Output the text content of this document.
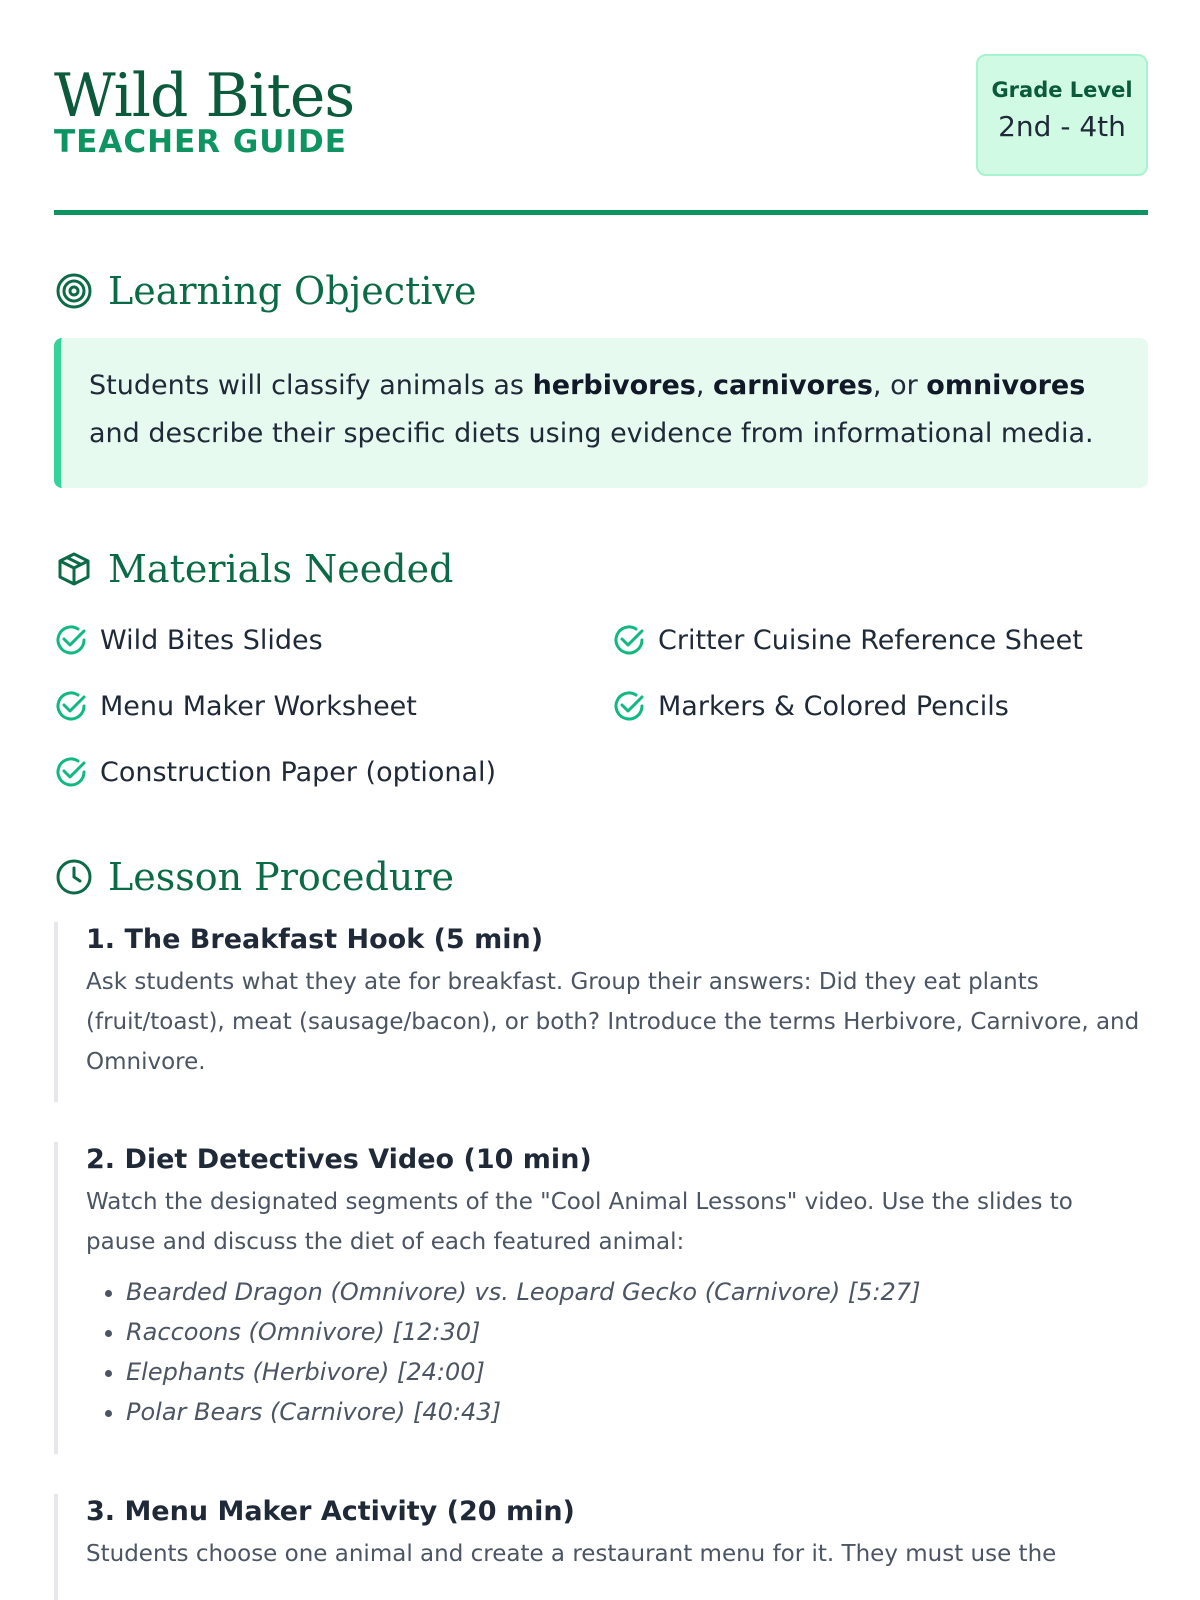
Wild Bites
TEACHER GUIDE
Grade Level
2nd - 4th
Learning Objective
Students will classify animals as herbivores, carnivores, or omnivores and describe their specific diets using evidence from informational media.
Materials Needed
Wild Bites Slides	Critter Cuisine Reference Sheet
Menu Maker Worksheet	Markers & Colored Pencils
Construction Paper (optional)
Lesson Procedure
1. The Breakfast Hook (5 min)
Ask students what they ate for breakfast. Group their answers: Did they eat plants (fruit/toast), meat (sausage/bacon), or both? Introduce the terms Herbivore, Carnivore, and Omnivore.
2. Diet Detectives Video (10 min)
Watch the designated segments of the "Cool Animal Lessons" video. Use the slides to pause and discuss the diet of each featured animal:
• Bearded Dragon (Omnivore) vs. Leopard Gecko (Carnivore) [5:27]
• Raccoons (Omnivore) [12:30]
• Elephants (Herbivore) [24:00]
• Polar Bears (Carnivore) [40:43]
3. Menu Maker Activity (20 min)
Students choose one animal and create a restaurant menu for it. They must use the
